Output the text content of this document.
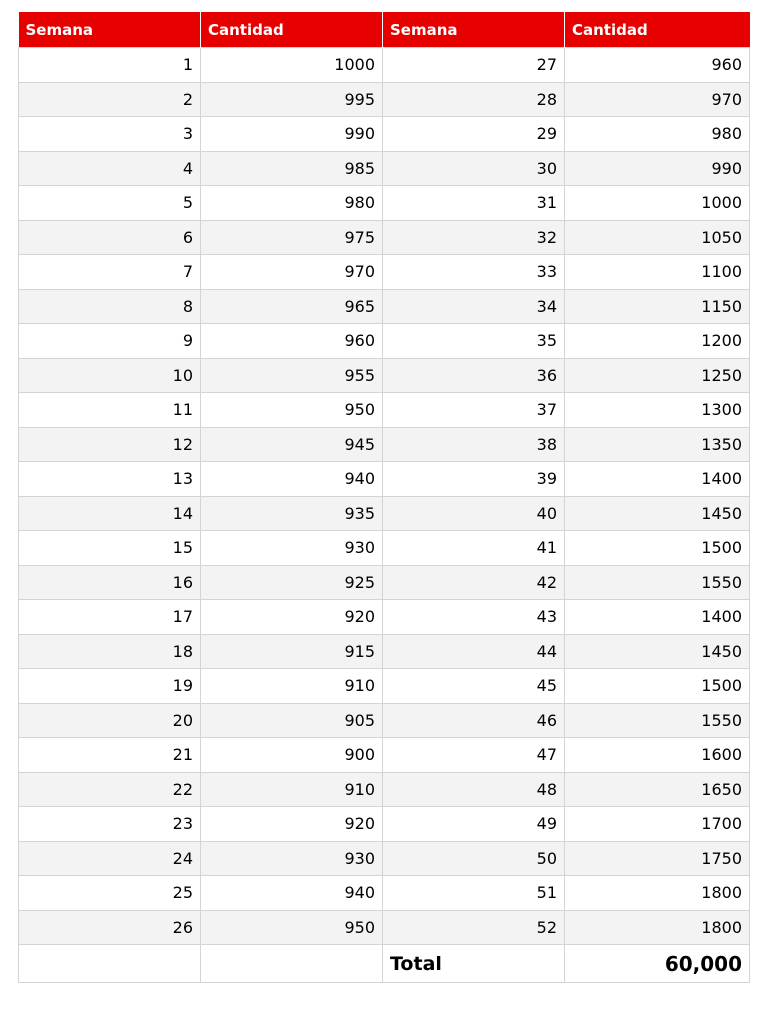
Semana	Cantidad	Semana	Cantidad
1	1000	27	960
2	995	28	970
3	990	29	980
4	985	30	990
5	980	31	1000
6	975	32	1050
7	970	33	1100
8	965	34	1150
9	960	35	1200
10	955	36	1250
11	950	37	1300
12	945	38	1350
13	940	39	1400
14	935	40	1450
15	930	41	1500
16	925	42	1550
17	920	43	1400
18	915	44	1450
19	910	45	1500
20	905	46	1550
21	900	47	1600
22	910	48	1650
23	920	49	1700
24	930	50	1750
25	940	51	1800
26	950	52	1800
		Total	60,000
